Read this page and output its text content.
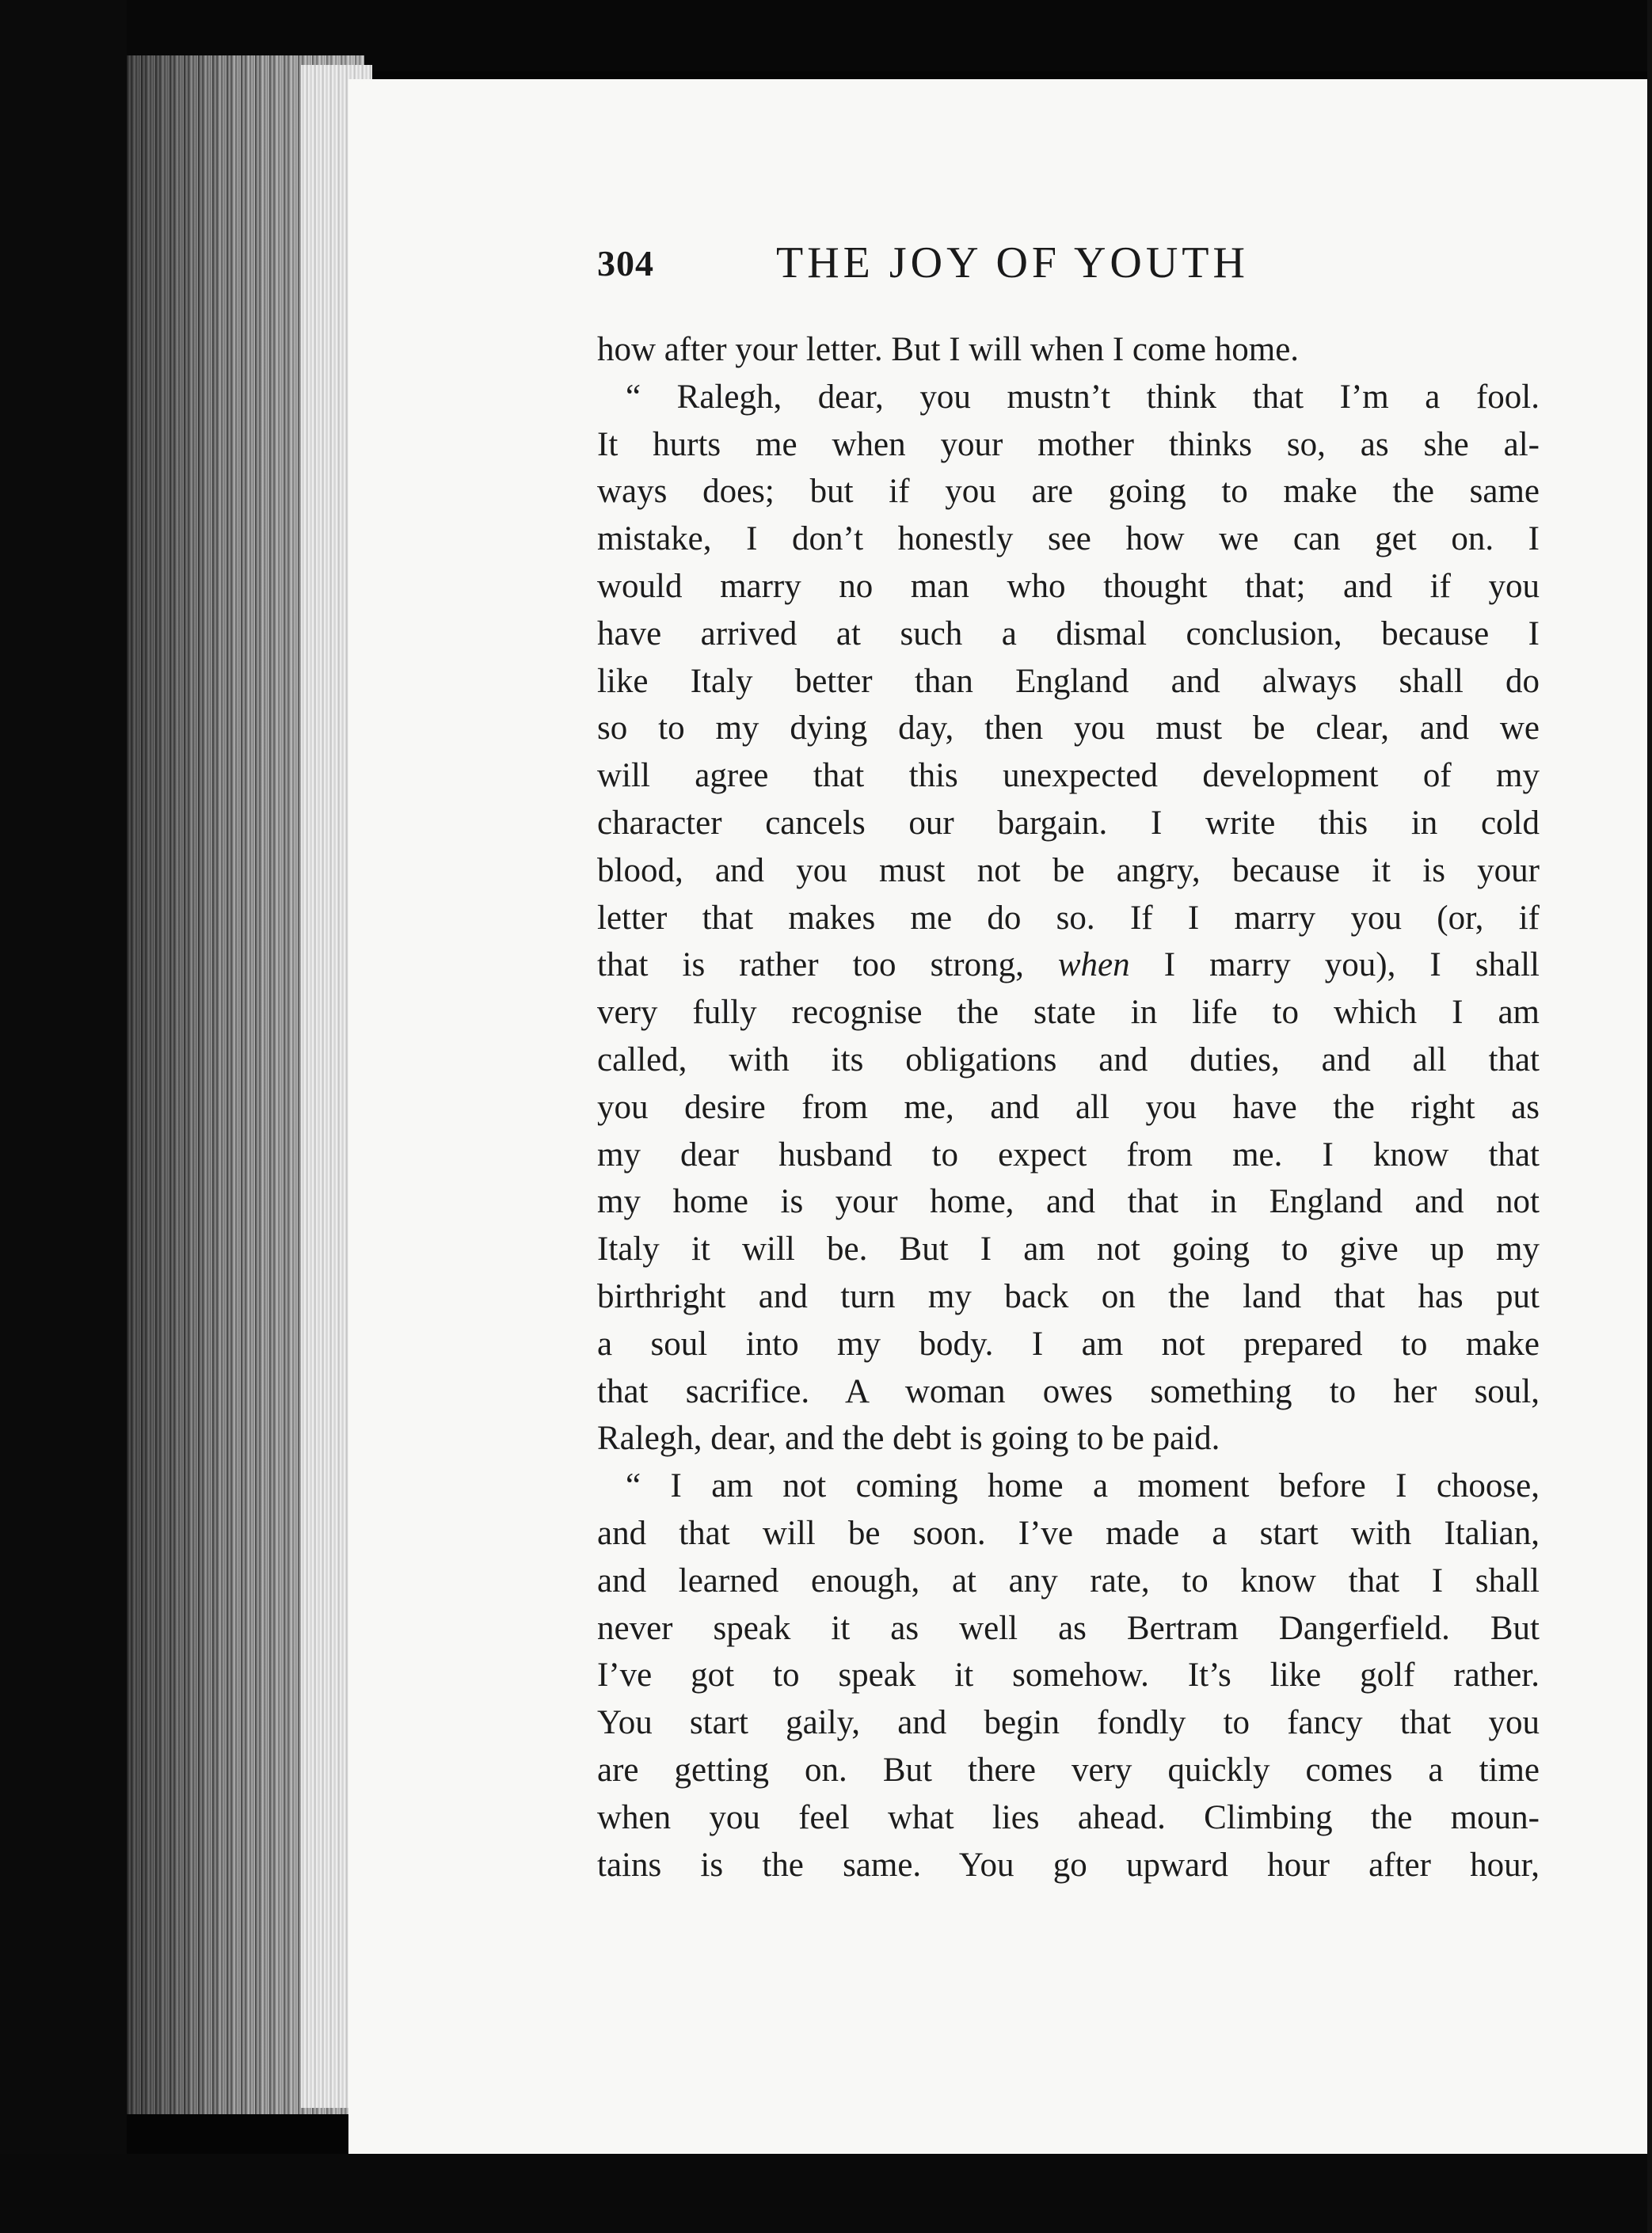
304	THE JOY OF YOUTH
how after your letter. But I will when I come home.
“ Ralegh, dear, you mustn’t think that I’m a fool.
It hurts me when your mother thinks so, as she al-
ways does; but if you are going to make the same
mistake, I don’t honestly see how we can get on. I
would marry no man who thought that; and if you
have arrived at such a dismal conclusion, because I
like Italy better than England and always shall do
so to my dying day, then you must be clear, and we
will agree that this unexpected development of my
character cancels our bargain. I write this in cold
blood, and you must not be angry, because it is your
letter that makes me do so. If I marry you (or, if
that is rather too strong, when I marry you), I shall
very fully recognise the state in life to which I am
called, with its obligations and duties, and all that
you desire from me, and all you have the right as
my dear husband to expect from me. I know that
my home is your home, and that in England and not
Italy it will be. But I am not going to give up my
birthright and turn my back on the land that has put
a soul into my body. I am not prepared to make
that sacrifice. A woman owes something to her soul,
Ralegh, dear, and the debt is going to be paid.
“ I am not coming home a moment before I choose,
and that will be soon. I’ve made a start with Italian,
and learned enough, at any rate, to know that I shall
never speak it as well as Bertram Dangerfield. But
I’ve got to speak it somehow. It’s like golf rather.
You start gaily, and begin fondly to fancy that you
are getting on. But there very quickly comes a time
when you feel what lies ahead. Climbing the moun-
tains is the same. You go upward hour after hour,
